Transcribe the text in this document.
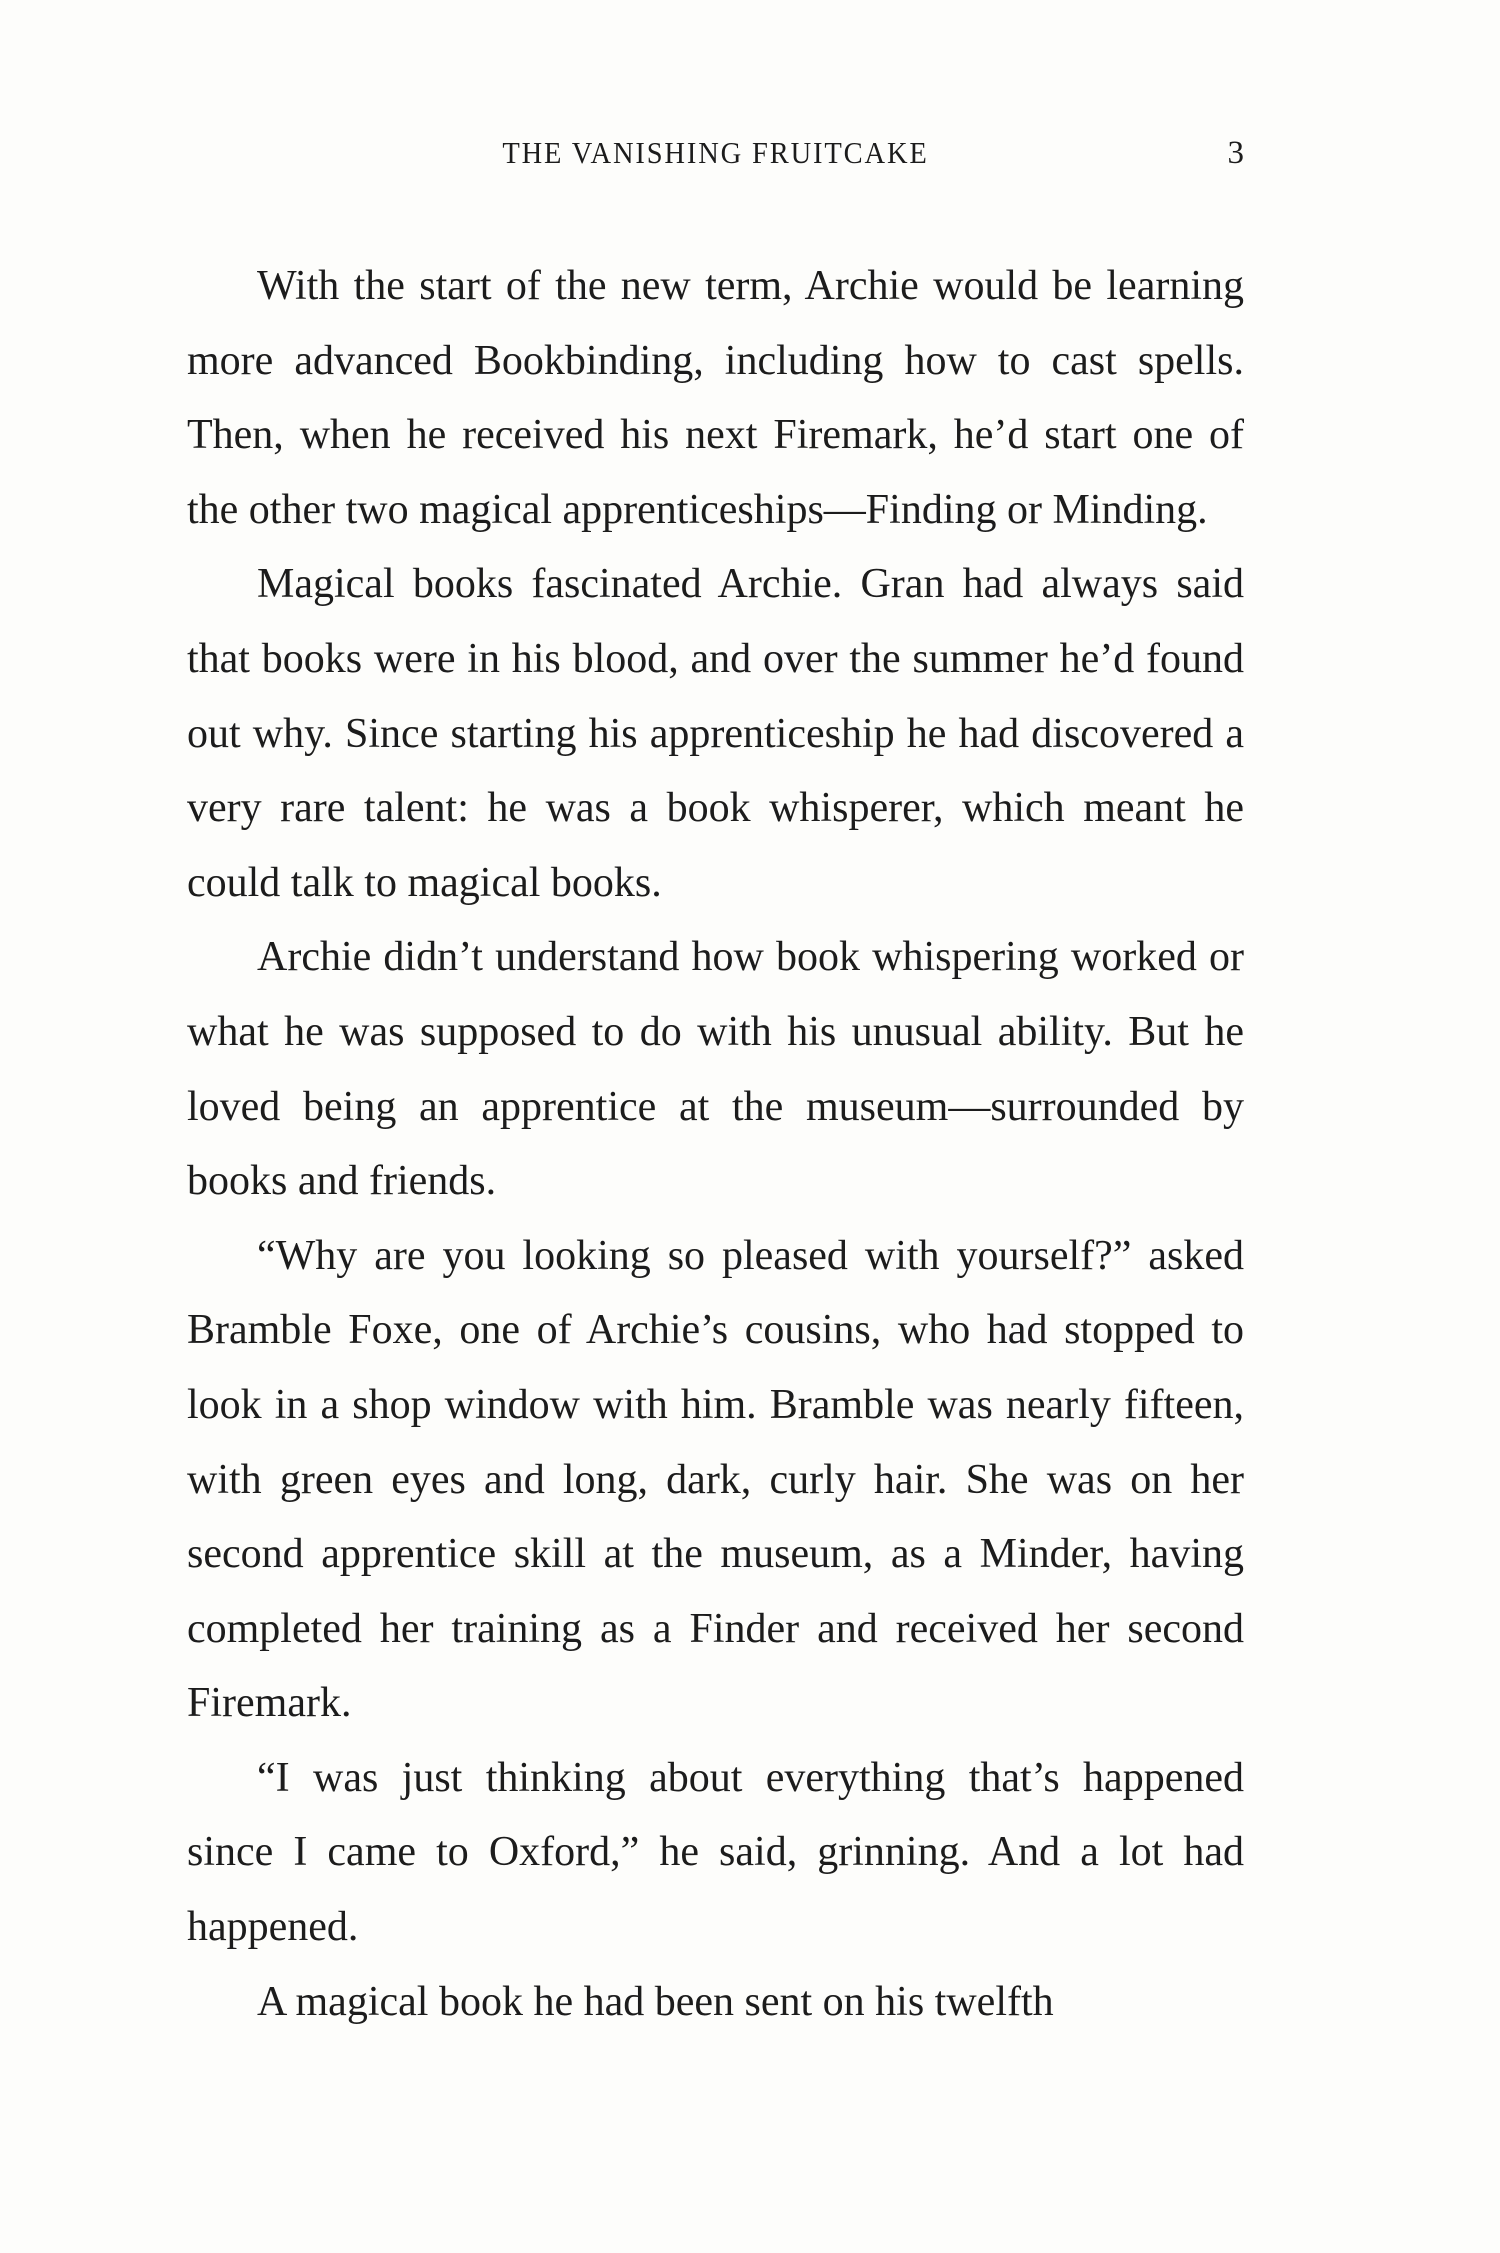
THE VANISHING FRUITCAKE	3

With the start of the new term, Archie would be learning more advanced Bookbinding, including how to cast spells. Then, when he received his next Firemark, he’d start one of the other two magical apprenticeships—Finding or Minding.

Magical books fascinated Archie. Gran had always said that books were in his blood, and over the summer he’d found out why. Since starting his apprenticeship he had discovered a very rare talent: he was a book whisperer, which meant he could talk to magical books.

Archie didn’t understand how book whispering worked or what he was supposed to do with his unusual ability. But he loved being an apprentice at the museum—surrounded by books and friends.

“Why are you looking so pleased with yourself?” asked Bramble Foxe, one of Archie’s cousins, who had stopped to look in a shop window with him. Bramble was nearly fifteen, with green eyes and long, dark, curly hair. She was on her second apprentice skill at the museum, as a Minder, having completed her training as a Finder and received her second Firemark.

“I was just thinking about everything that’s happened since I came to Oxford,” he said, grinning. And a lot had happened.

A magical book he had been sent on his twelfth
